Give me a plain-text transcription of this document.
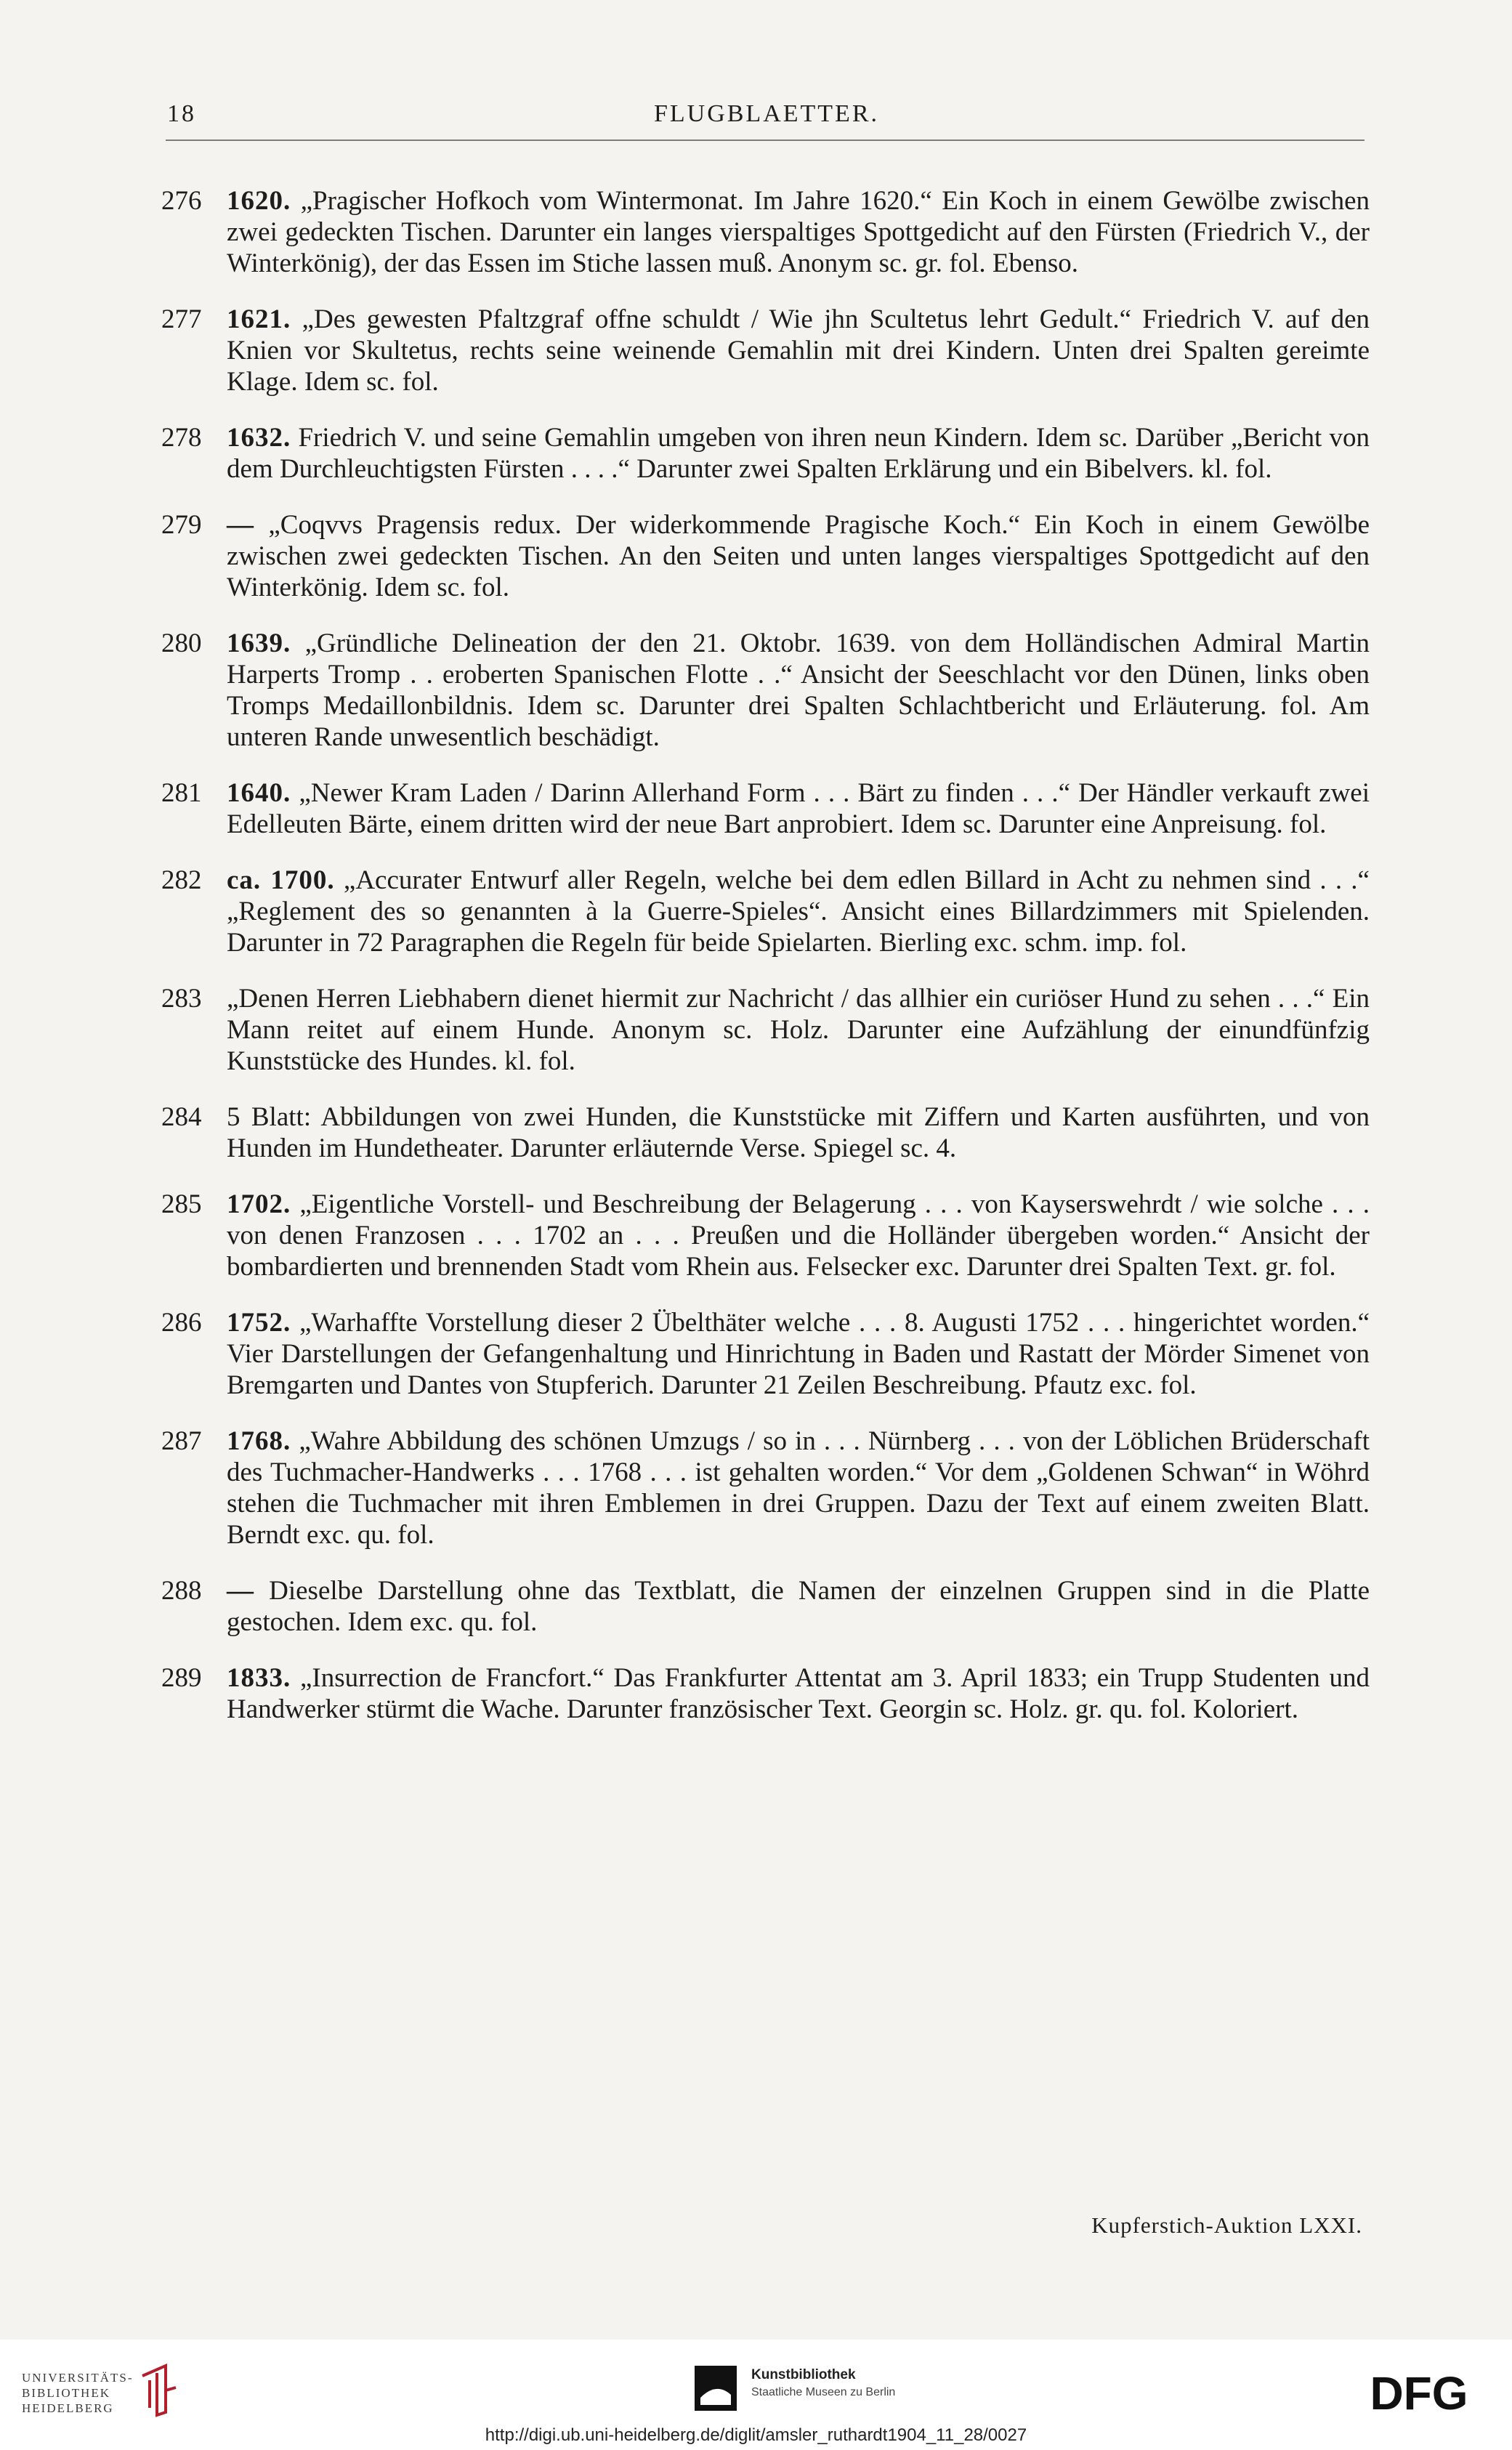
18	FLUGBLAETTER.
276 1620. „Pragischer Hofkoch vom Wintermonat. Im Jahre 1620.“ Ein Koch in einem Gewölbe zwischen zwei gedeckten Tischen. Darunter ein langes vierspaltiges Spottgedicht auf den Fürsten (Friedrich V., der Winterkönig), der das Essen im Stiche lassen muß. Anonym sc. gr. fol. Ebenso.
277 1621. „Des gewesten Pfaltzgraf offne schuldt / Wie jhn Scultetus lehrt Gedult.“ Friedrich V. auf den Knien vor Skultetus, rechts seine weinende Gemahlin mit drei Kindern. Unten drei Spalten gereimte Klage. Idem sc. fol.
278 1632. Friedrich V. und seine Gemahlin umgeben von ihren neun Kindern. Idem sc. Darüber „Bericht von dem Durchleuchtigsten Fürsten . . . .“ Darunter zwei Spalten Erklärung und ein Bibelvers. kl. fol.
279 — „Coqvvs Pragensis redux. Der widerkommende Pragische Koch.“ Ein Koch in einem Gewölbe zwischen zwei gedeckten Tischen. An den Seiten und unten langes vierspaltiges Spottgedicht auf den Winterkönig. Idem sc. fol.
280 1639. „Gründliche Delineation der den 21. Oktobr. 1639. von dem Holländischen Admiral Martin Harperts Tromp . . eroberten Spanischen Flotte . .“ Ansicht der Seeschlacht vor den Dünen, links oben Tromps Medaillonbildnis. Idem sc. Darunter drei Spalten Schlachtbericht und Erläuterung. fol. Am unteren Rande unwesentlich beschädigt.
281 1640. „Newer Kram Laden / Darinn Allerhand Form . . . Bärt zu finden . . .“ Der Händler verkauft zwei Edelleuten Bärte, einem dritten wird der neue Bart anprobiert. Idem sc. Darunter eine Anpreisung. fol.
282 ca. 1700. „Accurater Entwurf aller Regeln, welche bei dem edlen Billard in Acht zu nehmen sind . . .“ „Reglement des so genannten à la Guerre-Spieles“. Ansicht eines Billardzimmers mit Spielenden. Darunter in 72 Paragraphen die Regeln für beide Spielarten. Bierling exc. schm. imp. fol.
283 „Denen Herren Liebhabern dienet hiermit zur Nachricht / das allhier ein curiöser Hund zu sehen . . .“ Ein Mann reitet auf einem Hunde. Anonym sc. Holz. Darunter eine Aufzählung der einundfünfzig Kunststücke des Hundes. kl. fol.
284 5 Blatt: Abbildungen von zwei Hunden, die Kunststücke mit Ziffern und Karten ausführten, und von Hunden im Hundetheater. Darunter erläuternde Verse. Spiegel sc. 4.
285 1702. „Eigentliche Vorstell- und Beschreibung der Belagerung . . . von Kayserswehrdt / wie solche . . . von denen Franzosen . . . 1702 an . . . Preußen und die Holländer übergeben worden.“ Ansicht der bombardierten und brennenden Stadt vom Rhein aus. Felsecker exc. Darunter drei Spalten Text. gr. fol.
286 1752. „Warhaffte Vorstellung dieser 2 Übelthäter welche . . . 8. Augusti 1752 . . . hingerichtet worden.“ Vier Darstellungen der Gefangenhaltung und Hinrichtung in Baden und Rastatt der Mörder Simenet von Bremgarten und Dantes von Stupferich. Darunter 21 Zeilen Beschreibung. Pfautz exc. fol.
287 1768. „Wahre Abbildung des schönen Umzugs / so in . . . Nürnberg . . . von der Löblichen Brüderschaft des Tuchmacher-Handwerks . . . 1768 . . . ist gehalten worden.“ Vor dem „Goldenen Schwan“ in Wöhrd stehen die Tuchmacher mit ihren Emblemen in drei Gruppen. Dazu der Text auf einem zweiten Blatt. Berndt exc. qu. fol.
288 — Dieselbe Darstellung ohne das Textblatt, die Namen der einzelnen Gruppen sind in die Platte gestochen. Idem exc. qu. fol.
289 1833. „Insurrection de Francfort.“ Das Frankfurter Attentat am 3. April 1833; ein Trupp Studenten und Handwerker stürmt die Wache. Darunter französischer Text. Georgin sc. Holz. gr. qu. fol. Koloriert.
Kupferstich-Auktion LXXI.
UNIVERSITÄTS-
BIBLIOTHEK
HEIDELBERG
Kunstbibliothek
Staatliche Museen zu Berlin	DFG
http://digi.ub.uni-heidelberg.de/diglit/amsler_ruthardt1904_11_28/0027
